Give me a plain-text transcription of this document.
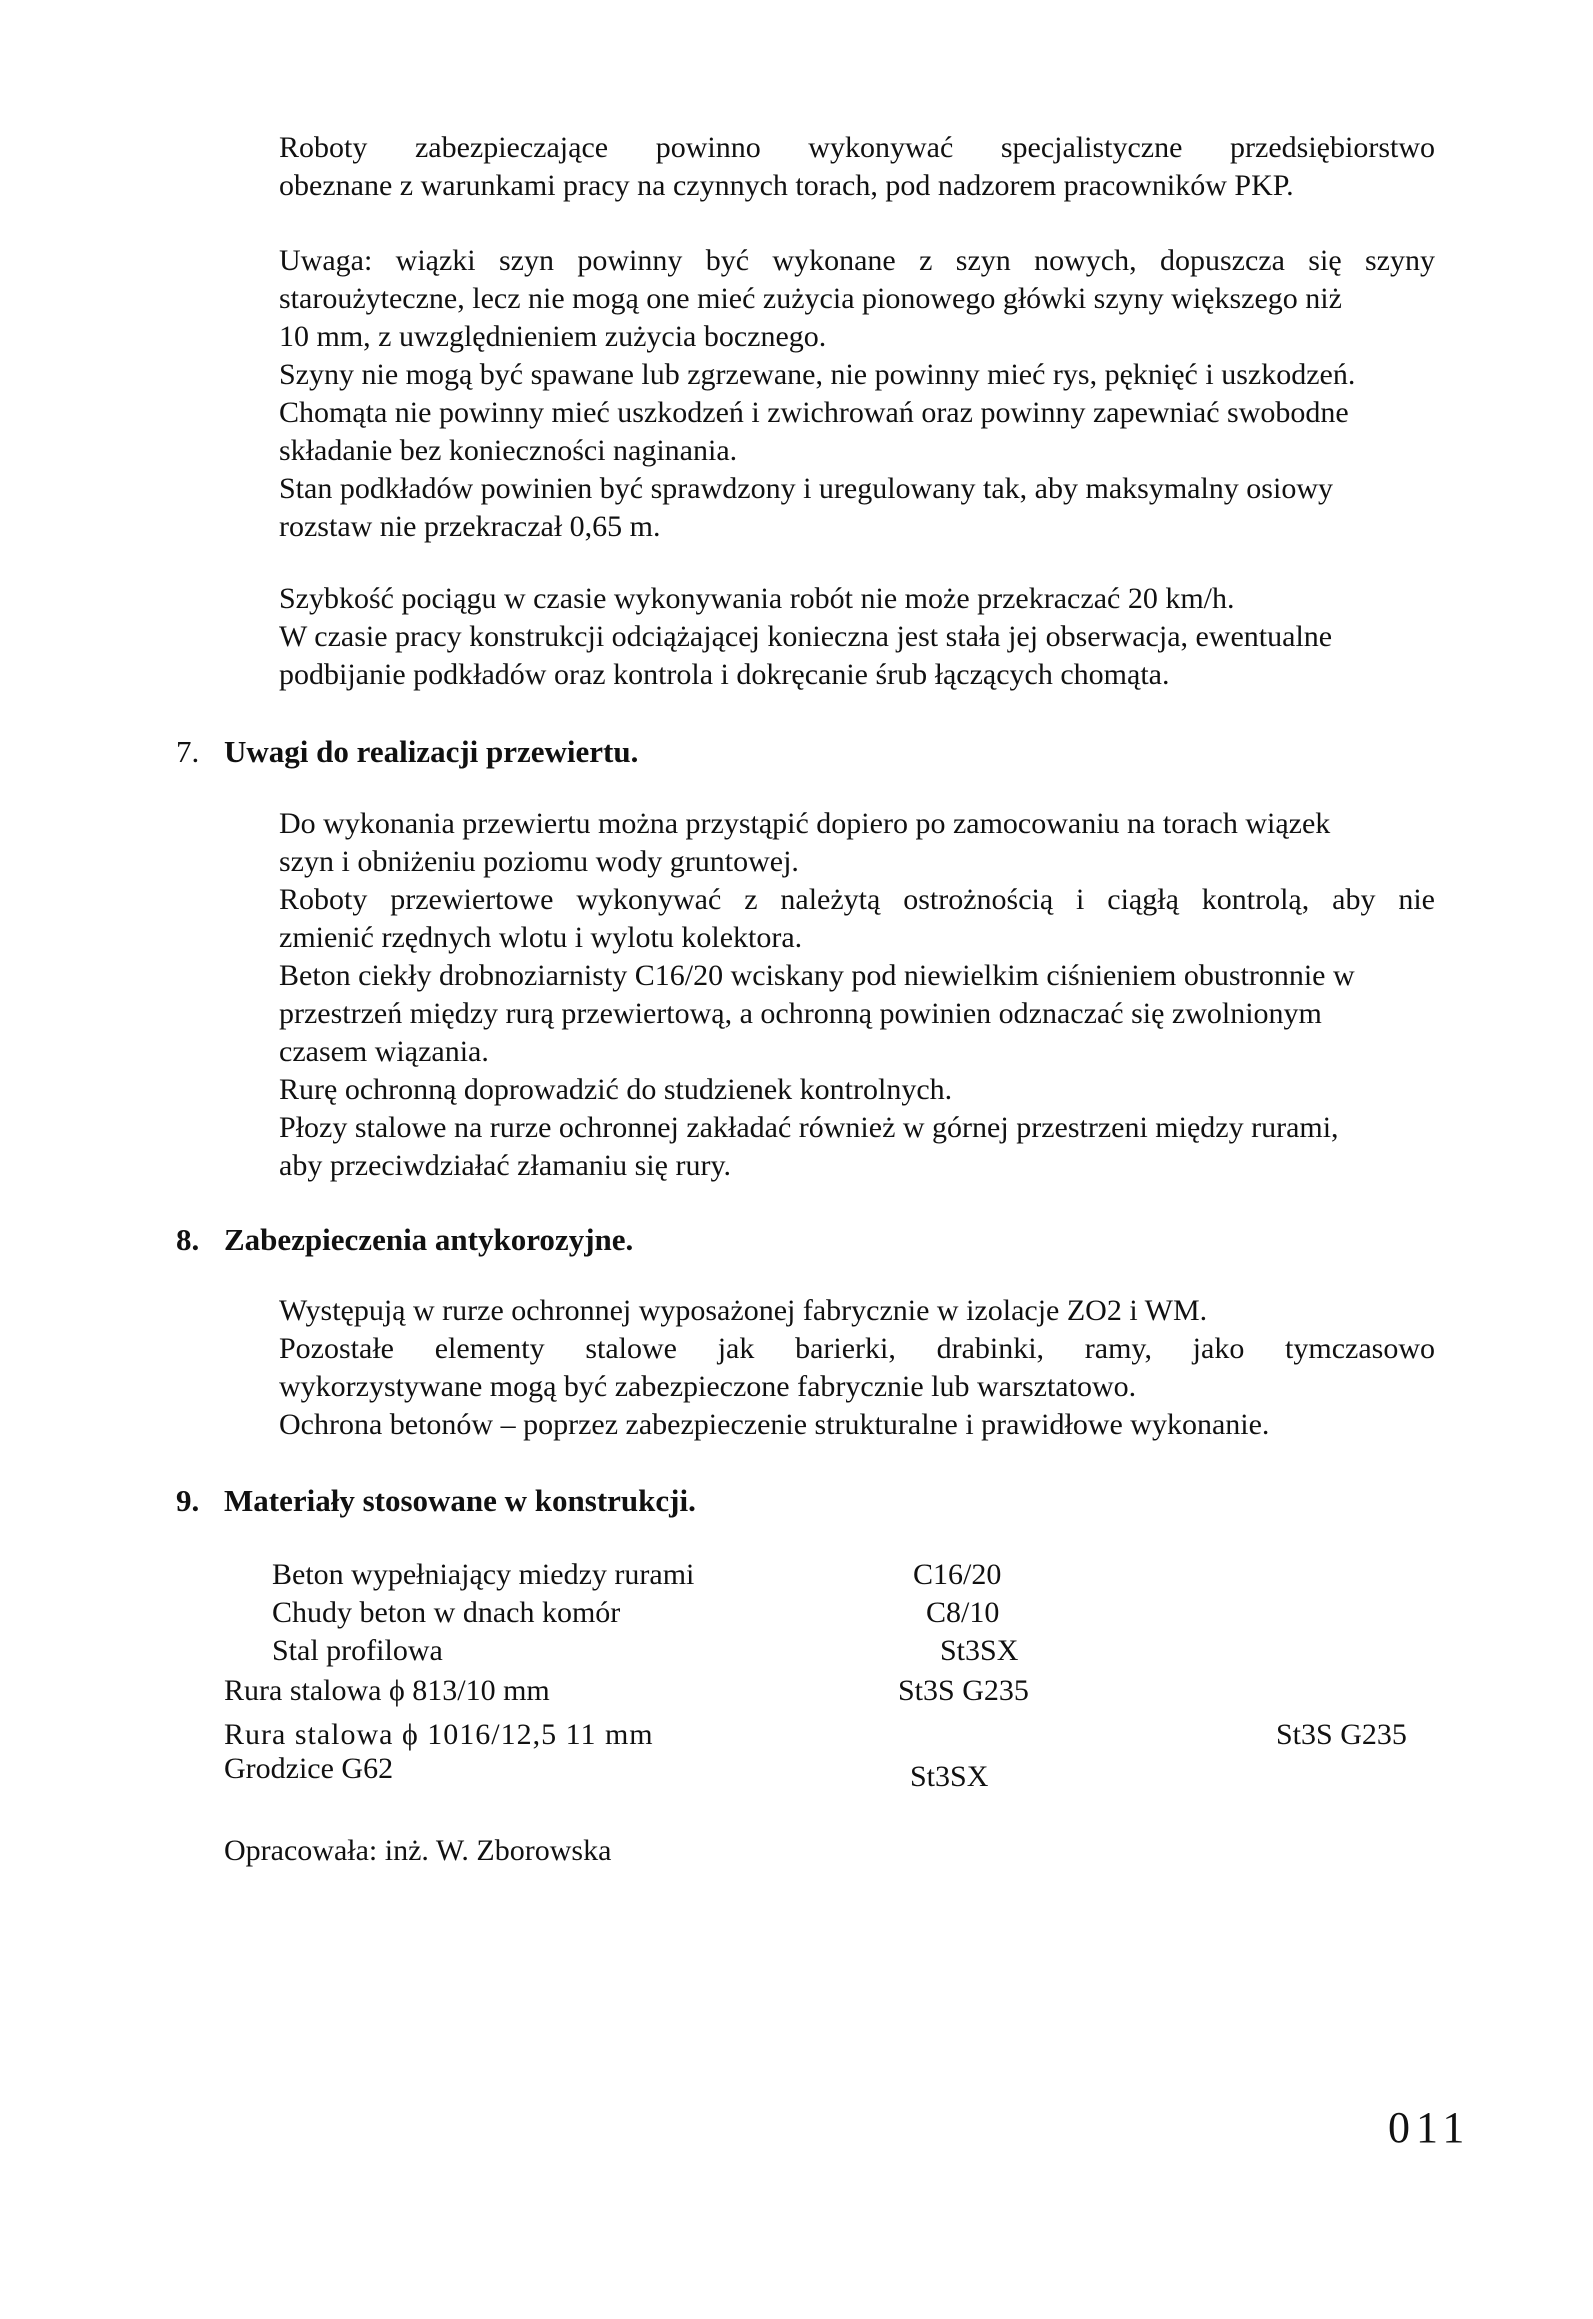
Roboty zabezpieczające powinno wykonywać specjalistyczne przedsiębiorstwo
obeznane z warunkami pracy na czynnych torach, pod nadzorem pracowników PKP.
Uwaga: wiązki szyn powinny być wykonane z szyn nowych, dopuszcza się szyny
staroużyteczne, lecz nie mogą one mieć zużycia pionowego główki szyny większego niż
10 mm, z uwzględnieniem zużycia bocznego.
Szyny nie mogą być spawane lub zgrzewane, nie powinny mieć rys, pęknięć i uszkodzeń.
Chomąta nie powinny mieć uszkodzeń i zwichrowań oraz powinny zapewniać swobodne
składanie bez konieczności naginania.
Stan podkładów powinien być sprawdzony i uregulowany tak, aby maksymalny osiowy
rozstaw nie przekraczał 0,65 m.
Szybkość pociągu w czasie wykonywania robót nie może przekraczać 20 km/h.
W czasie pracy konstrukcji odciążającej konieczna jest stała jej obserwacja, ewentualne
podbijanie podkładów oraz kontrola i dokręcanie śrub łączących chomąta.
7. Uwagi do realizacji przewiertu.
Do wykonania przewiertu można przystąpić dopiero po zamocowaniu na torach wiązek
szyn i obniżeniu poziomu wody gruntowej.
Roboty przewiertowe wykonywać z należytą ostrożnością i ciągłą kontrolą, aby nie
zmienić rzędnych wlotu i wylotu kolektora.
Beton ciekły drobnoziarnisty C16/20 wciskany pod niewielkim ciśnieniem obustronnie w
przestrzeń między rurą przewiertową, a ochronną powinien odznaczać się zwolnionym
czasem wiązania.
Rurę ochronną doprowadzić do studzienek kontrolnych.
Płozy stalowe na rurze ochronnej zakładać również w górnej przestrzeni między rurami,
aby przeciwdziałać złamaniu się rury.
8. Zabezpieczenia antykorozyjne.
Występują w rurze ochronnej wyposażonej fabrycznie w izolacje ZO2 i WM.
Pozostałe elementy stalowe jak barierki, drabinki, ramy, jako tymczasowo
wykorzystywane mogą być zabezpieczone fabrycznie lub warsztatowo.
Ochrona betonów – poprzez zabezpieczenie strukturalne i prawidłowe wykonanie.
9. Materiały stosowane w konstrukcji.
Beton wypełniający miedzy rurami	C16/20
Chudy beton w dnach komór	C8/10
Stal profilowa	St3SX
Rura stalowa ϕ 813/10 mm	St3S G235
Rura stalowa ϕ 1016/12,5 11 mm	St3S G235
Grodzice G62	St3SX
Opracowała: inż. W. Zborowska
011
